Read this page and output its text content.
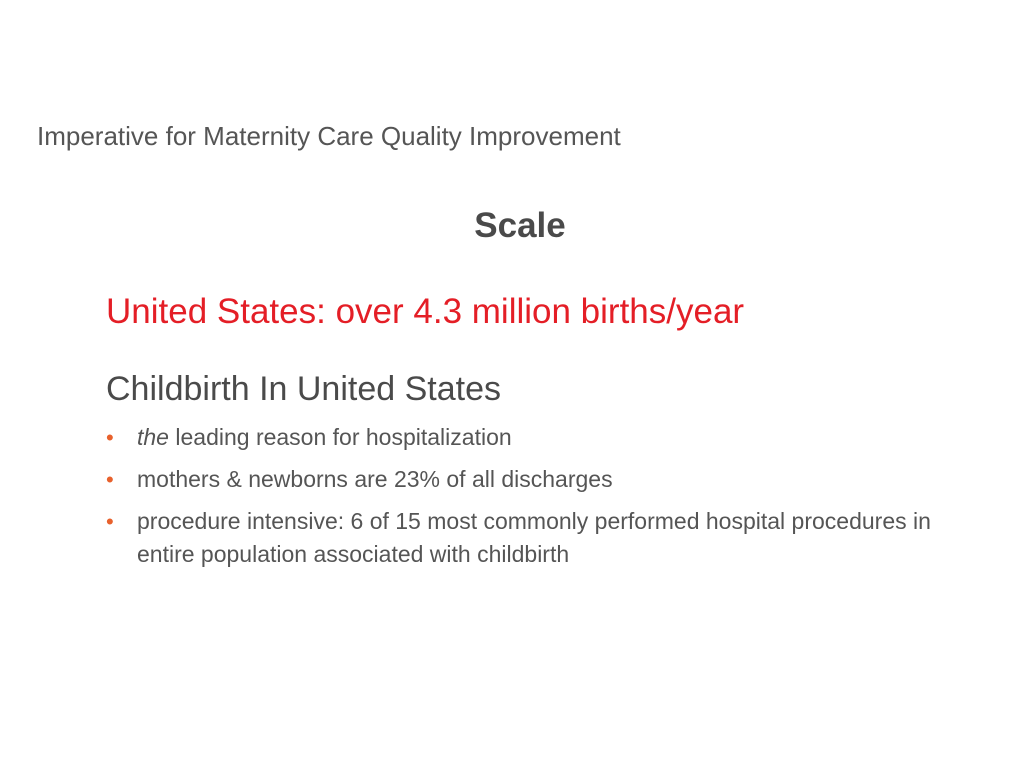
Imperative for Maternity Care Quality Improvement
Scale
United States: over 4.3 million births/year
Childbirth In United States
• the leading reason for hospitalization
• mothers & newborns are 23% of all discharges
• procedure intensive: 6 of 15 most commonly performed hospital procedures in entire population associated with childbirth
